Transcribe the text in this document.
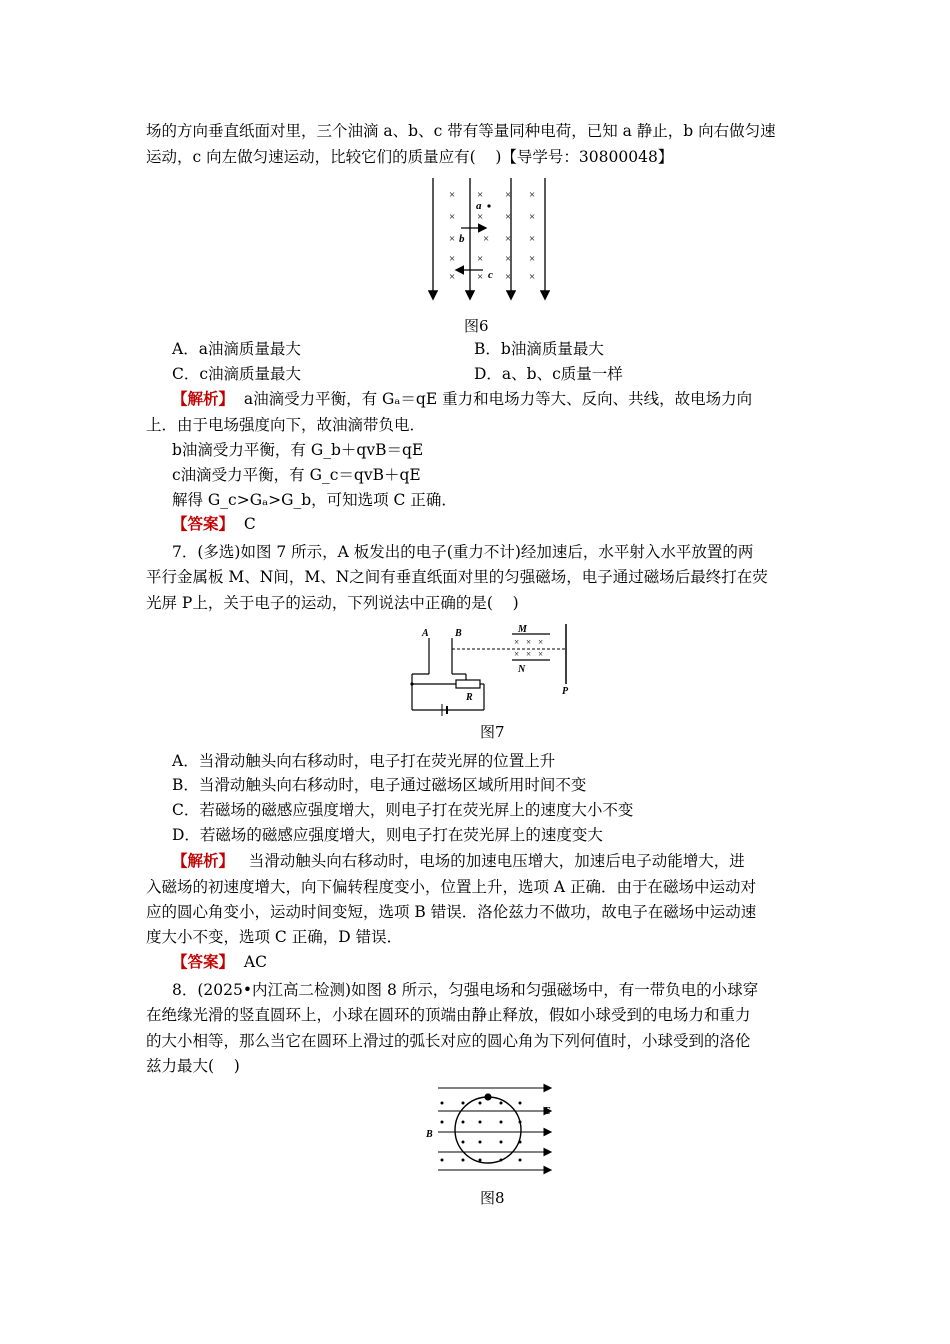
场的方向垂直纸面对里，三个油滴 a、b、c 带有等量同种电荷，已知 a 静止，b 向右做匀速
运动，c 向左做匀速运动，比较它们的质量应有(    )【导学号：30800048】
× × × ×
× × × ×
×	× × ×
× × × ×
× × × ×
a
b
c
图6
A．a油滴质量最大	B．b油滴质量最大
C．c油滴质量最大	D．a、b、c质量一样
【解析】  a油滴受力平衡，有 Gₐ＝qE 重力和电场力等大、反向、共线，故电场力向
上．由于电场强度向下，故油滴带负电．
b油滴受力平衡，有 G_b＋qvB＝qE
c油滴受力平衡，有 G_c＝qvB＋qE
解得 G_c>Gₐ>G_b，可知选项 C 正确．
【答案】  C
7．(多选)如图 7 所示，A 板发出的电子(重力不计)经加速后，水平射入水平放置的两
平行金属板 M、N间，M、N之间有垂直纸面对里的匀强磁场，电子通过磁场后最终打在荧
光屏 P上，关于电子的运动，下列说法中正确的是(    )
× × ×
× × ×
A	B	M
N
R
P
图7
A．当滑动触头向右移动时，电子打在荧光屏的位置上升
B．当滑动触头向右移动时，电子通过磁场区域所用时间不变
C．若磁场的磁感应强度增大，则电子打在荧光屏上的速度大小不变
D．若磁场的磁感应强度增大，则电子打在荧光屏上的速度变大
【解析】   当滑动触头向右移动时，电场的加速电压增大，加速后电子动能增大，进
入磁场的初速度增大，向下偏转程度变小，位置上升，选项 A 正确．由于在磁场中运动对
应的圆心角变小，运动时间变短，选项 B 错误．洛伦兹力不做功，故电子在磁场中运动速
度大小不变，选项 C 正确，D 错误．
【答案】  AC
8．(2025•内江高二检测)如图 8 所示，匀强电场和匀强磁场中，有一带负电的小球穿
在绝缘光滑的竖直圆环上，小球在圆环的顶端由静止释放，假如小球受到的电场力和重力
的大小相等，那么当它在圆环上滑过的弧长对应的圆心角为下列何值时，小球受到的洛伦
兹力最大(    )
E
B
图8
